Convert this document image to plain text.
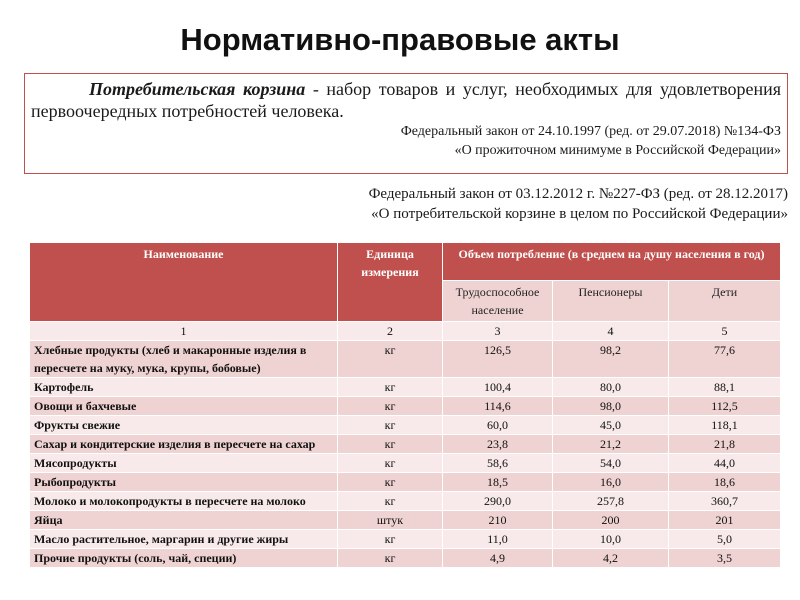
Нормативно-правовые акты
Потребительская корзина - набор товаров и услуг, необходимых для удовлетворения первоочередных потребностей человека.
Федеральный закон от 24.10.1997 (ред. от 29.07.2018) №134-ФЗ
«О прожиточном минимуме в Российской Федерации»
Федеральный закон от 03.12.2012 г. №227-ФЗ (ред. от 28.12.2017)
«О потребительской корзине в целом по Российской Федерации»
Наименование	Единица измерения	Объем потребление (в среднем на душу населения в год)		
		Трудоспособное население	Пенсионеры	Дети
1	2	3	4	5
Хлебные продукты (хлеб и макаронные изделия в пересчете на муку, мука, крупы, бобовые)	кг	126,5	98,2	77,6
Картофель	кг	100,4	80,0	88,1
Овощи и бахчевые	кг	114,6	98,0	112,5
Фрукты свежие	кг	60,0	45,0	118,1
Сахар и кондитерские изделия в пересчете на сахар	кг	23,8	21,2	21,8
Мясопродукты	кг	58,6	54,0	44,0
Рыбопродукты	кг	18,5	16,0	18,6
Молоко и молокопродукты в пересчете на молоко	кг	290,0	257,8	360,7
Яйца	штук	210	200	201
Масло растительное, маргарин и другие жиры	кг	11,0	10,0	5,0
Прочие продукты (соль, чай, специи)	кг	4,9	4,2	3,5
